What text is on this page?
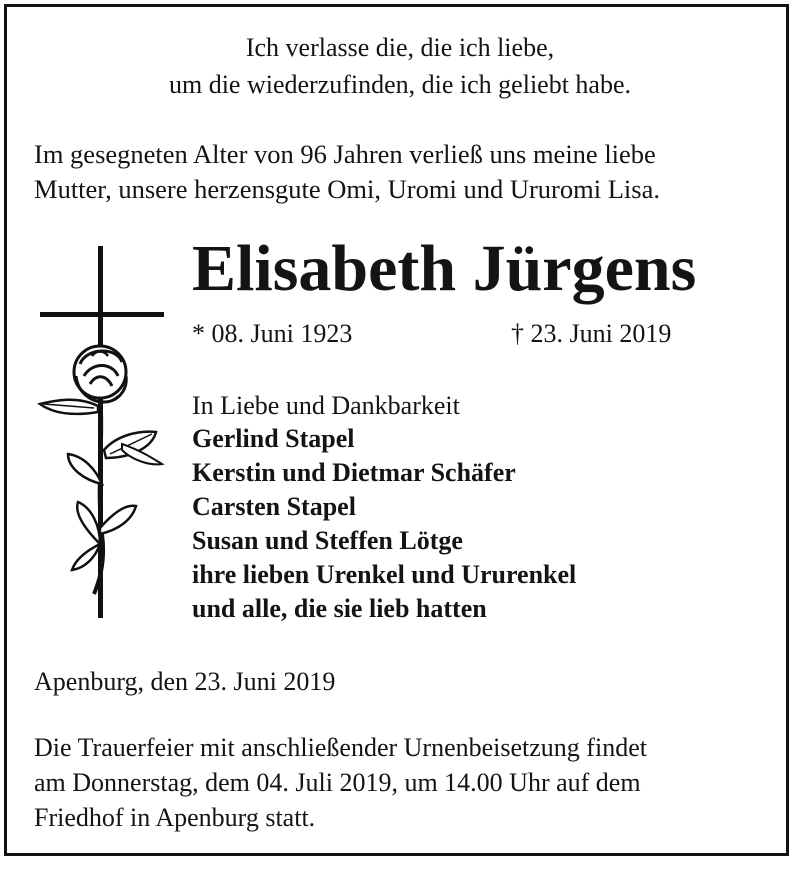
Ich verlasse die, die ich liebe,
um die wiederzufinden, die ich geliebt habe.
Im gesegneten Alter von 96 Jahren verließ uns meine liebe
Mutter, unsere herzensgute Omi, Uromi und Ururomi Lisa.
Elisabeth Jürgens
* 08. Juni 1923	† 23. Juni 2019
In Liebe und Dankbarkeit
Gerlind Stapel
Kerstin und Dietmar Schäfer
Carsten Stapel
Susan und Steffen Lötge
ihre lieben Urenkel und Ururenkel
und alle, die sie lieb hatten
Apenburg, den 23. Juni 2019
Die Trauerfeier mit anschließender Urnenbeisetzung findet
am Donnerstag, dem 04. Juli 2019, um 14.00 Uhr auf dem
Friedhof in Apenburg statt.
